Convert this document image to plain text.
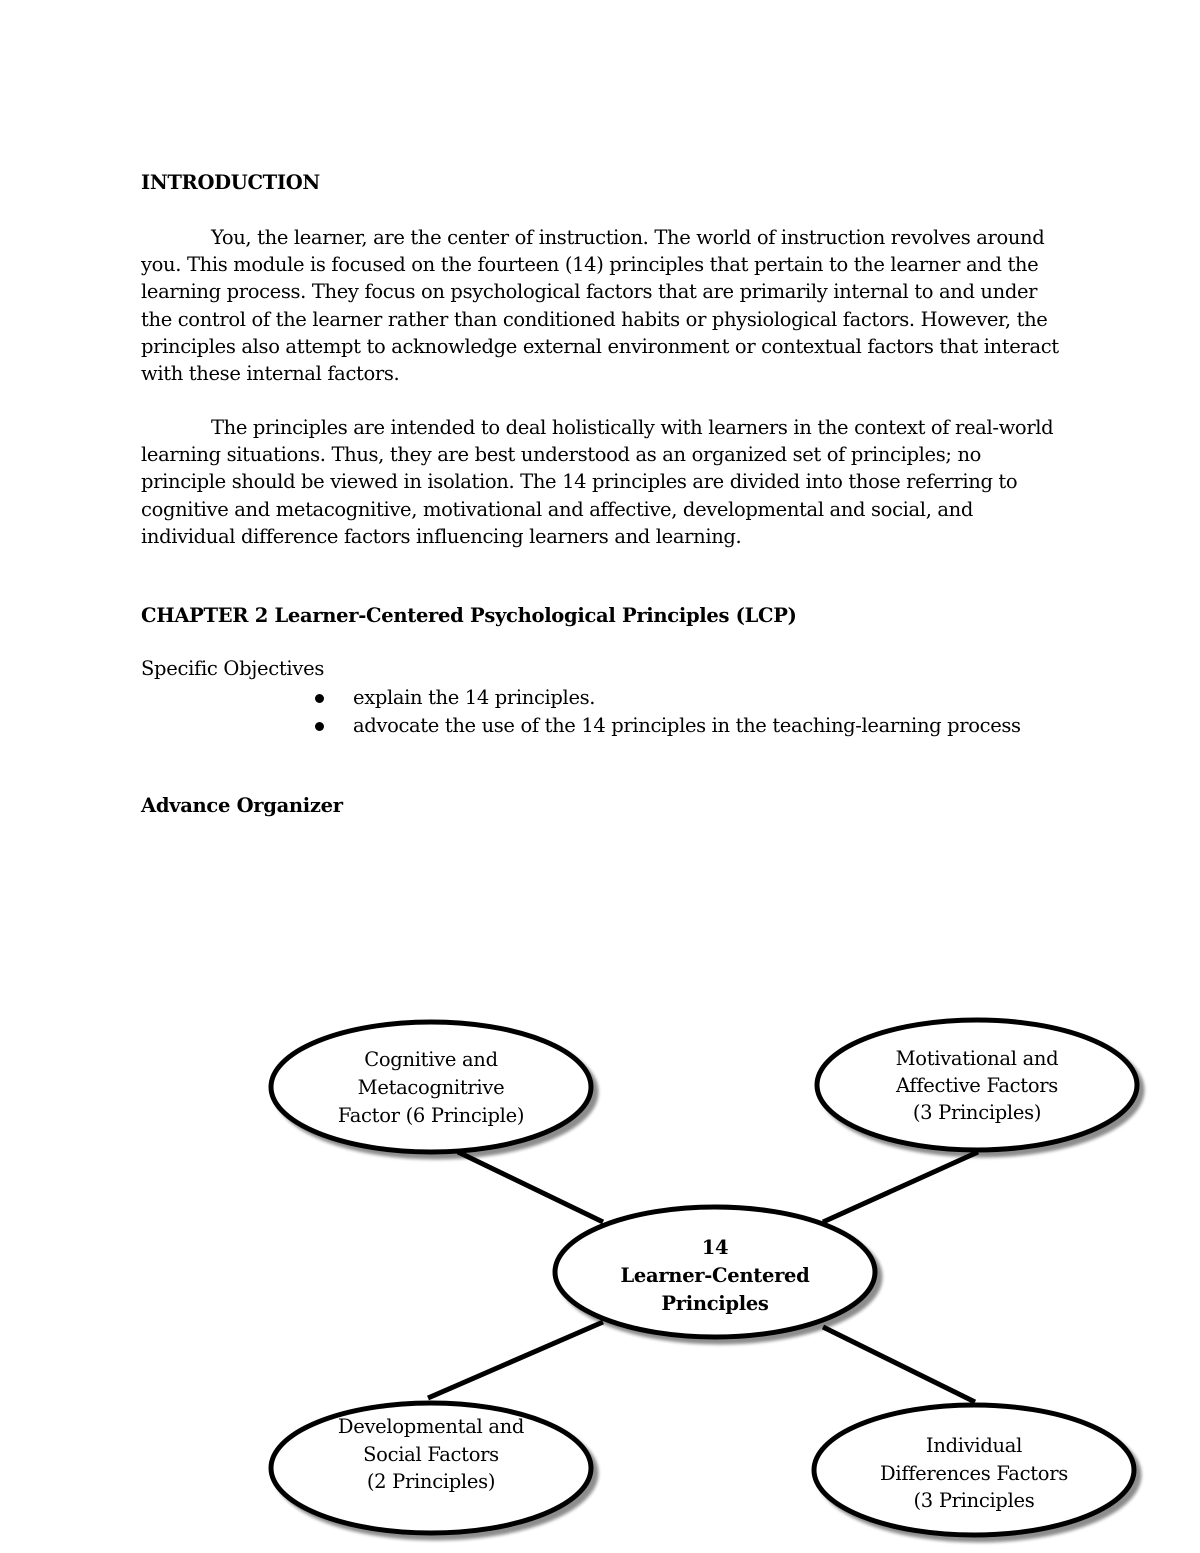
INTRODUCTION

You, the learner, are the center of instruction. The world of instruction revolves around you. This module is focused on the fourteen (14) principles that pertain to the learner and the learning process. They focus on psychological factors that are primarily internal to and under the control of the learner rather than conditioned habits or physiological factors. However, the principles also attempt to acknowledge external environment or contextual factors that interact with these internal factors.

The principles are intended to deal holistically with learners in the context of real-world learning situations. Thus, they are best understood as an organized set of principles; no principle should be viewed in isolation. The 14 principles are divided into those referring to cognitive and metacognitive, motivational and affective, developmental and social, and individual difference factors influencing learners and learning.

CHAPTER 2 Learner-Centered Psychological Principles (LCP)
Specific Objectives
explain the 14 principles.
advocate the use of the 14 principles in the teaching-learning process
Advance Organizer
Cognitive and
Metacognitrive
Factor (6 Principle)
Motivational and
Affective Factors
(3 Principles)
14
Learner-Centered
Principles
Developmental and
Social Factors
(2 Principles)
Individual
Differences Factors
(3 Principles
